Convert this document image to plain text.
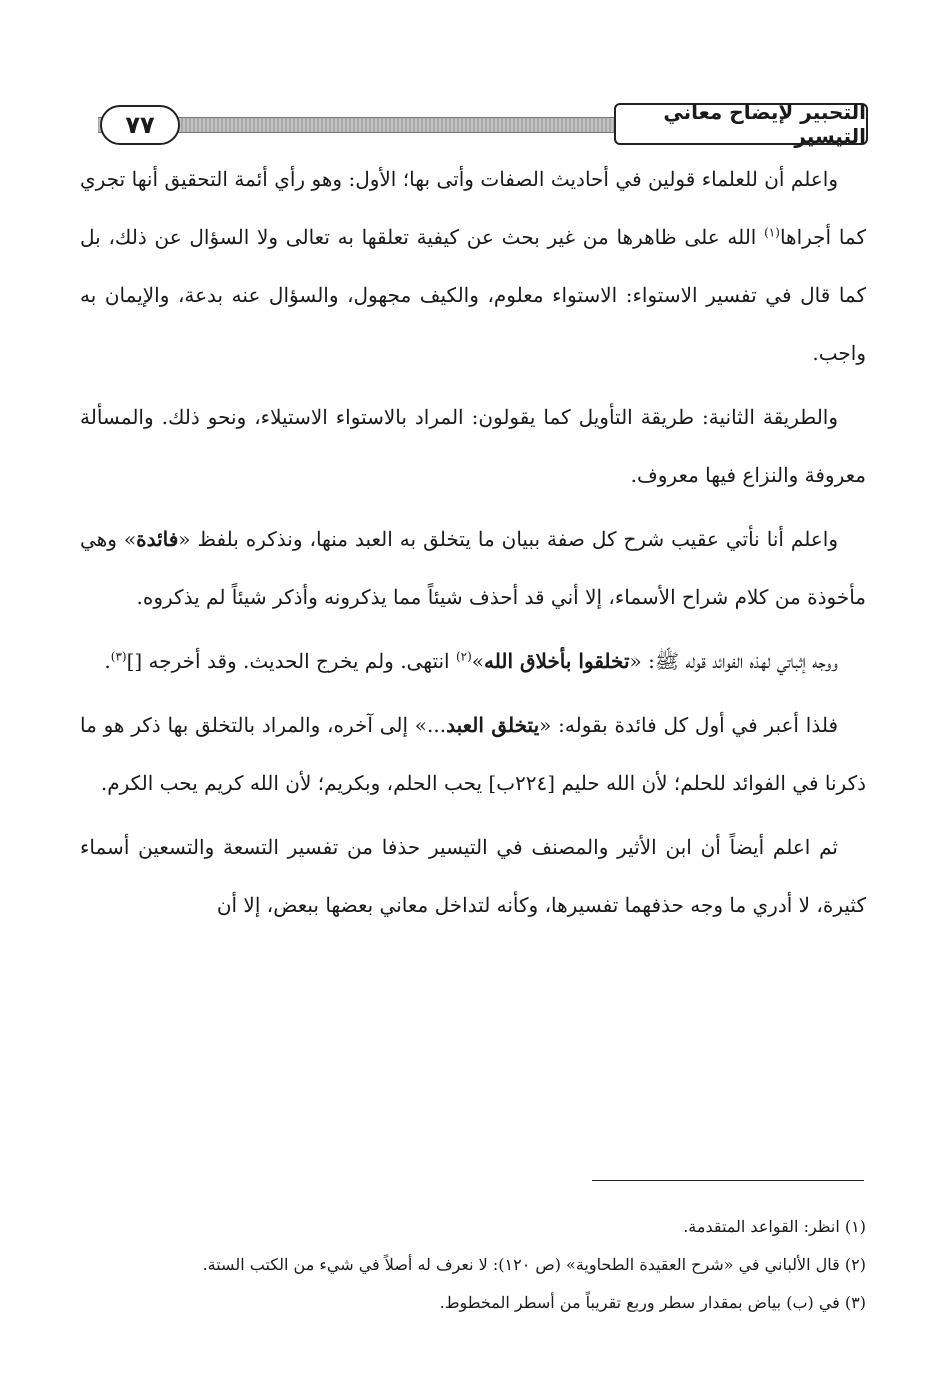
٧٧	التحبير لإيضاح معاني التيسير

واعلم أن للعلماء قولين في أحاديث الصفات وأتى بها؛ الأول: وهو رأي أئمة التحقيق أنها تجري كما أجراها$^{(١)}$ الله على ظاهرها من غير بحث عن كيفية تعلقها به تعالى ولا السؤال عن ذلك، بل كما قال في تفسير الاستواء: الاستواء معلوم، والكيف مجهول، والسؤال عنه بدعة، والإيمان به واجب.

والطريقة الثانية: طريقة التأويل كما يقولون: المراد بالاستواء الاستيلاء، ونحو ذلك. والمسألة معروفة والنزاع فيها معروف.

واعلم أنا نأتي عقيب شرح كل صفة ببيان ما يتخلق به العبد منها، ونذكره بلفظ «فائدة» وهي مأخوذة من كلام شراح الأسماء، إلا أني قد أحذف شيئاً مما يذكرونه وأذكر شيئاً لم يذكروه.

ووجه إثباتي لهذه الفوائد قوله ﷺ: «تخلقوا بأخلاق الله»$^{(٢)}$ انتهى. ولم يخرج الحديث. وقد أخرجه []$^{(٣)}$.

فلذا أعبر في أول كل فائدة بقوله: «يتخلق العبد...» إلى آخره، والمراد بالتخلق بها ذكر هو ما ذكرنا في الفوائد للحلم؛ لأن الله حليم [٢٢٤ب] يحب الحلم، وبكريم؛ لأن الله كريم يحب الكرم.

ثم اعلم أيضاً أن ابن الأثير والمصنف في التيسير حذفا من تفسير التسعة والتسعين أسماء كثيرة، لا أدري ما وجه حذفهما تفسيرها، وكأنه لتداخل معاني بعضها ببعض، إلا أن

(١) انظر: القواعد المتقدمة.
(٢) قال الألباني في «شرح العقيدة الطحاوية» (ص ١٢٠): لا نعرف له أصلاً في شيء من الكتب الستة.
(٣) في (ب) بياض بمقدار سطر وربع تقريباً من أسطر المخطوط.
